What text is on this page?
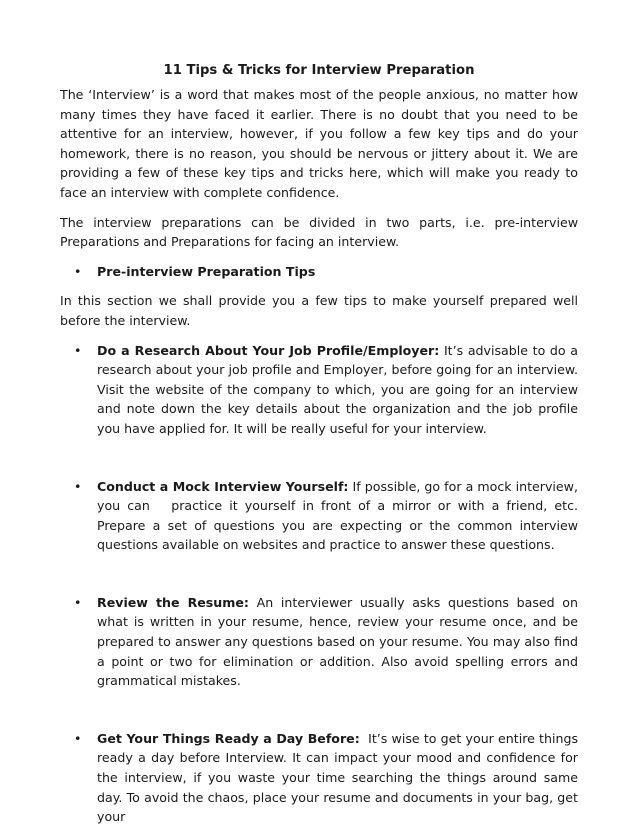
11 Tips & Tricks for Interview Preparation

The ‘Interview’ is a word that makes most of the people anxious, no matter how many times they have faced it earlier. There is no doubt that you need to be attentive for an interview, however, if you follow a few key tips and do your homework, there is no reason, you should be nervous or jittery about it. We are providing a few of these key tips and tricks here, which will make you ready to face an interview with complete confidence.

The interview preparations can be divided in two parts, i.e. pre-interview Preparations and Preparations for facing an interview.

• Pre-interview Preparation Tips

In this section we shall provide you a few tips to make yourself prepared well before the interview.

• Do a Research About Your Job Profile/Employer: It’s advisable to do a research about your job profile and Employer, before going for an interview. Visit the website of the company to which, you are going for an interview and note down the key details about the organization and the job profile you have applied for. It will be really useful for your interview.
• Conduct a Mock Interview Yourself: If possible, go for a mock interview, you can   practice it yourself in front of a mirror or with a friend, etc. Prepare a set of questions you are expecting or the common interview questions available on websites and practice to answer these questions.
• Review the Resume: An interviewer usually asks questions based on what is written in your resume, hence, review your resume once, and be prepared to answer any questions based on your resume. You may also find a point or two for elimination or addition. Also avoid spelling errors and grammatical mistakes.
• Get Your Things Ready a Day Before:  It’s wise to get your entire things ready a day before Interview. It can impact your mood and confidence for the interview, if you waste your time searching the things around same day. To avoid the chaos, place your resume and documents in your bag, get your
